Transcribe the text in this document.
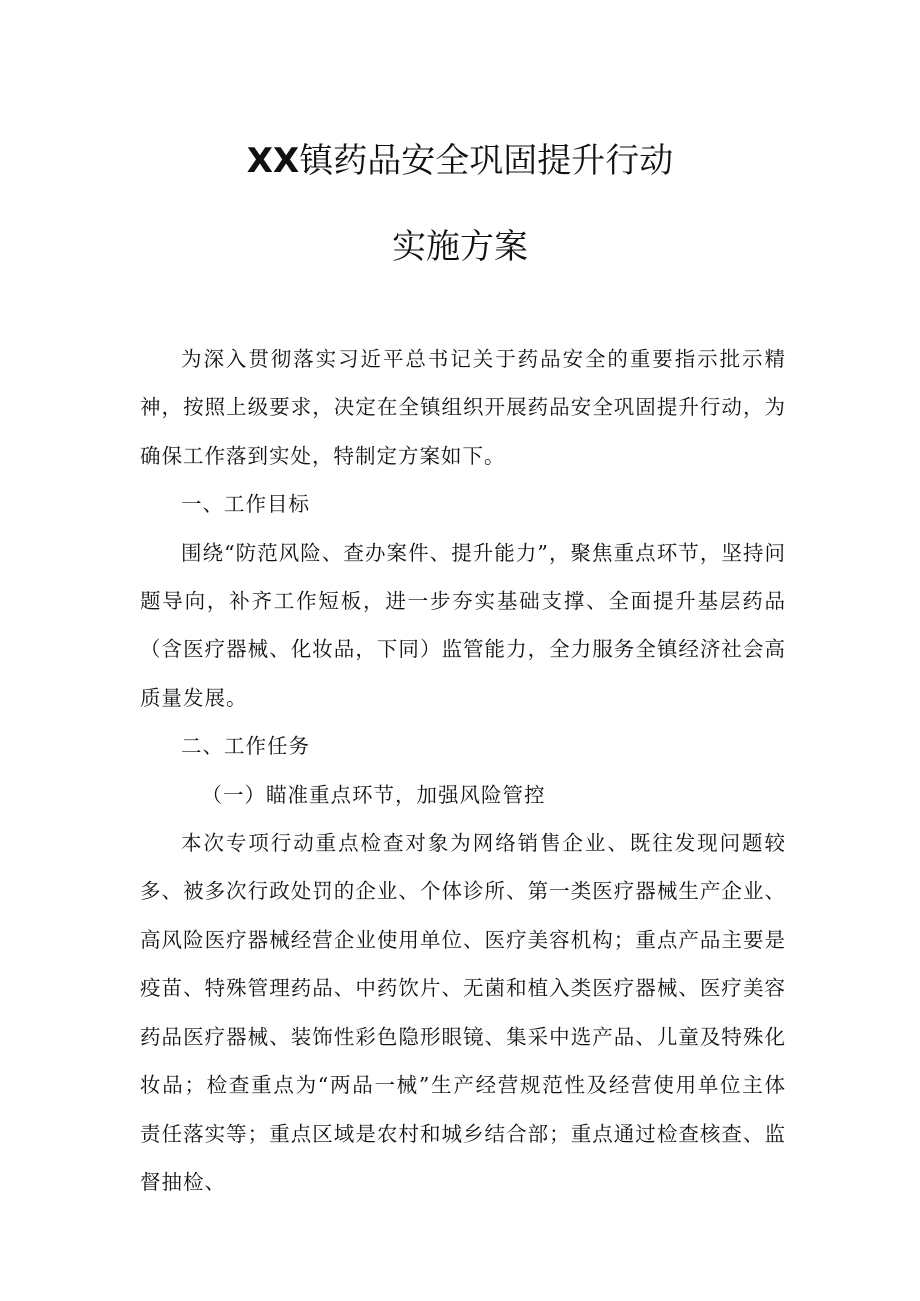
XX镇药品安全巩固提升行动
实施方案

为深入贯彻落实习近平总书记关于药品安全的重要指示批示精神，按照上级要求，决定在全镇组织开展药品安全巩固提升行动，为确保工作落到实处，特制定方案如下。

一、工作目标

围绕“防范风险、查办案件、提升能力”，聚焦重点环节，坚持问题导向，补齐工作短板，进一步夯实基础支撑、全面提升基层药品（含医疗器械、化妆品，下同）监管能力，全力服务全镇经济社会高质量发展。

二、工作任务

（一）瞄准重点环节，加强风险管控

本次专项行动重点检查对象为网络销售企业、既往发现问题较多、被多次行政处罚的企业、个体诊所、第一类医疗器械生产企业、高风险医疗器械经营企业使用单位、医疗美容机构；重点产品主要是疫苗、特殊管理药品、中药饮片、无菌和植入类医疗器械、医疗美容药品医疗器械、装饰性彩色隐形眼镜、集采中选产品、儿童及特殊化妆品；检查重点为“两品一械”生产经营规范性及经营使用单位主体责任落实等；重点区域是农村和城乡结合部；重点通过检查核查、监督抽检、
